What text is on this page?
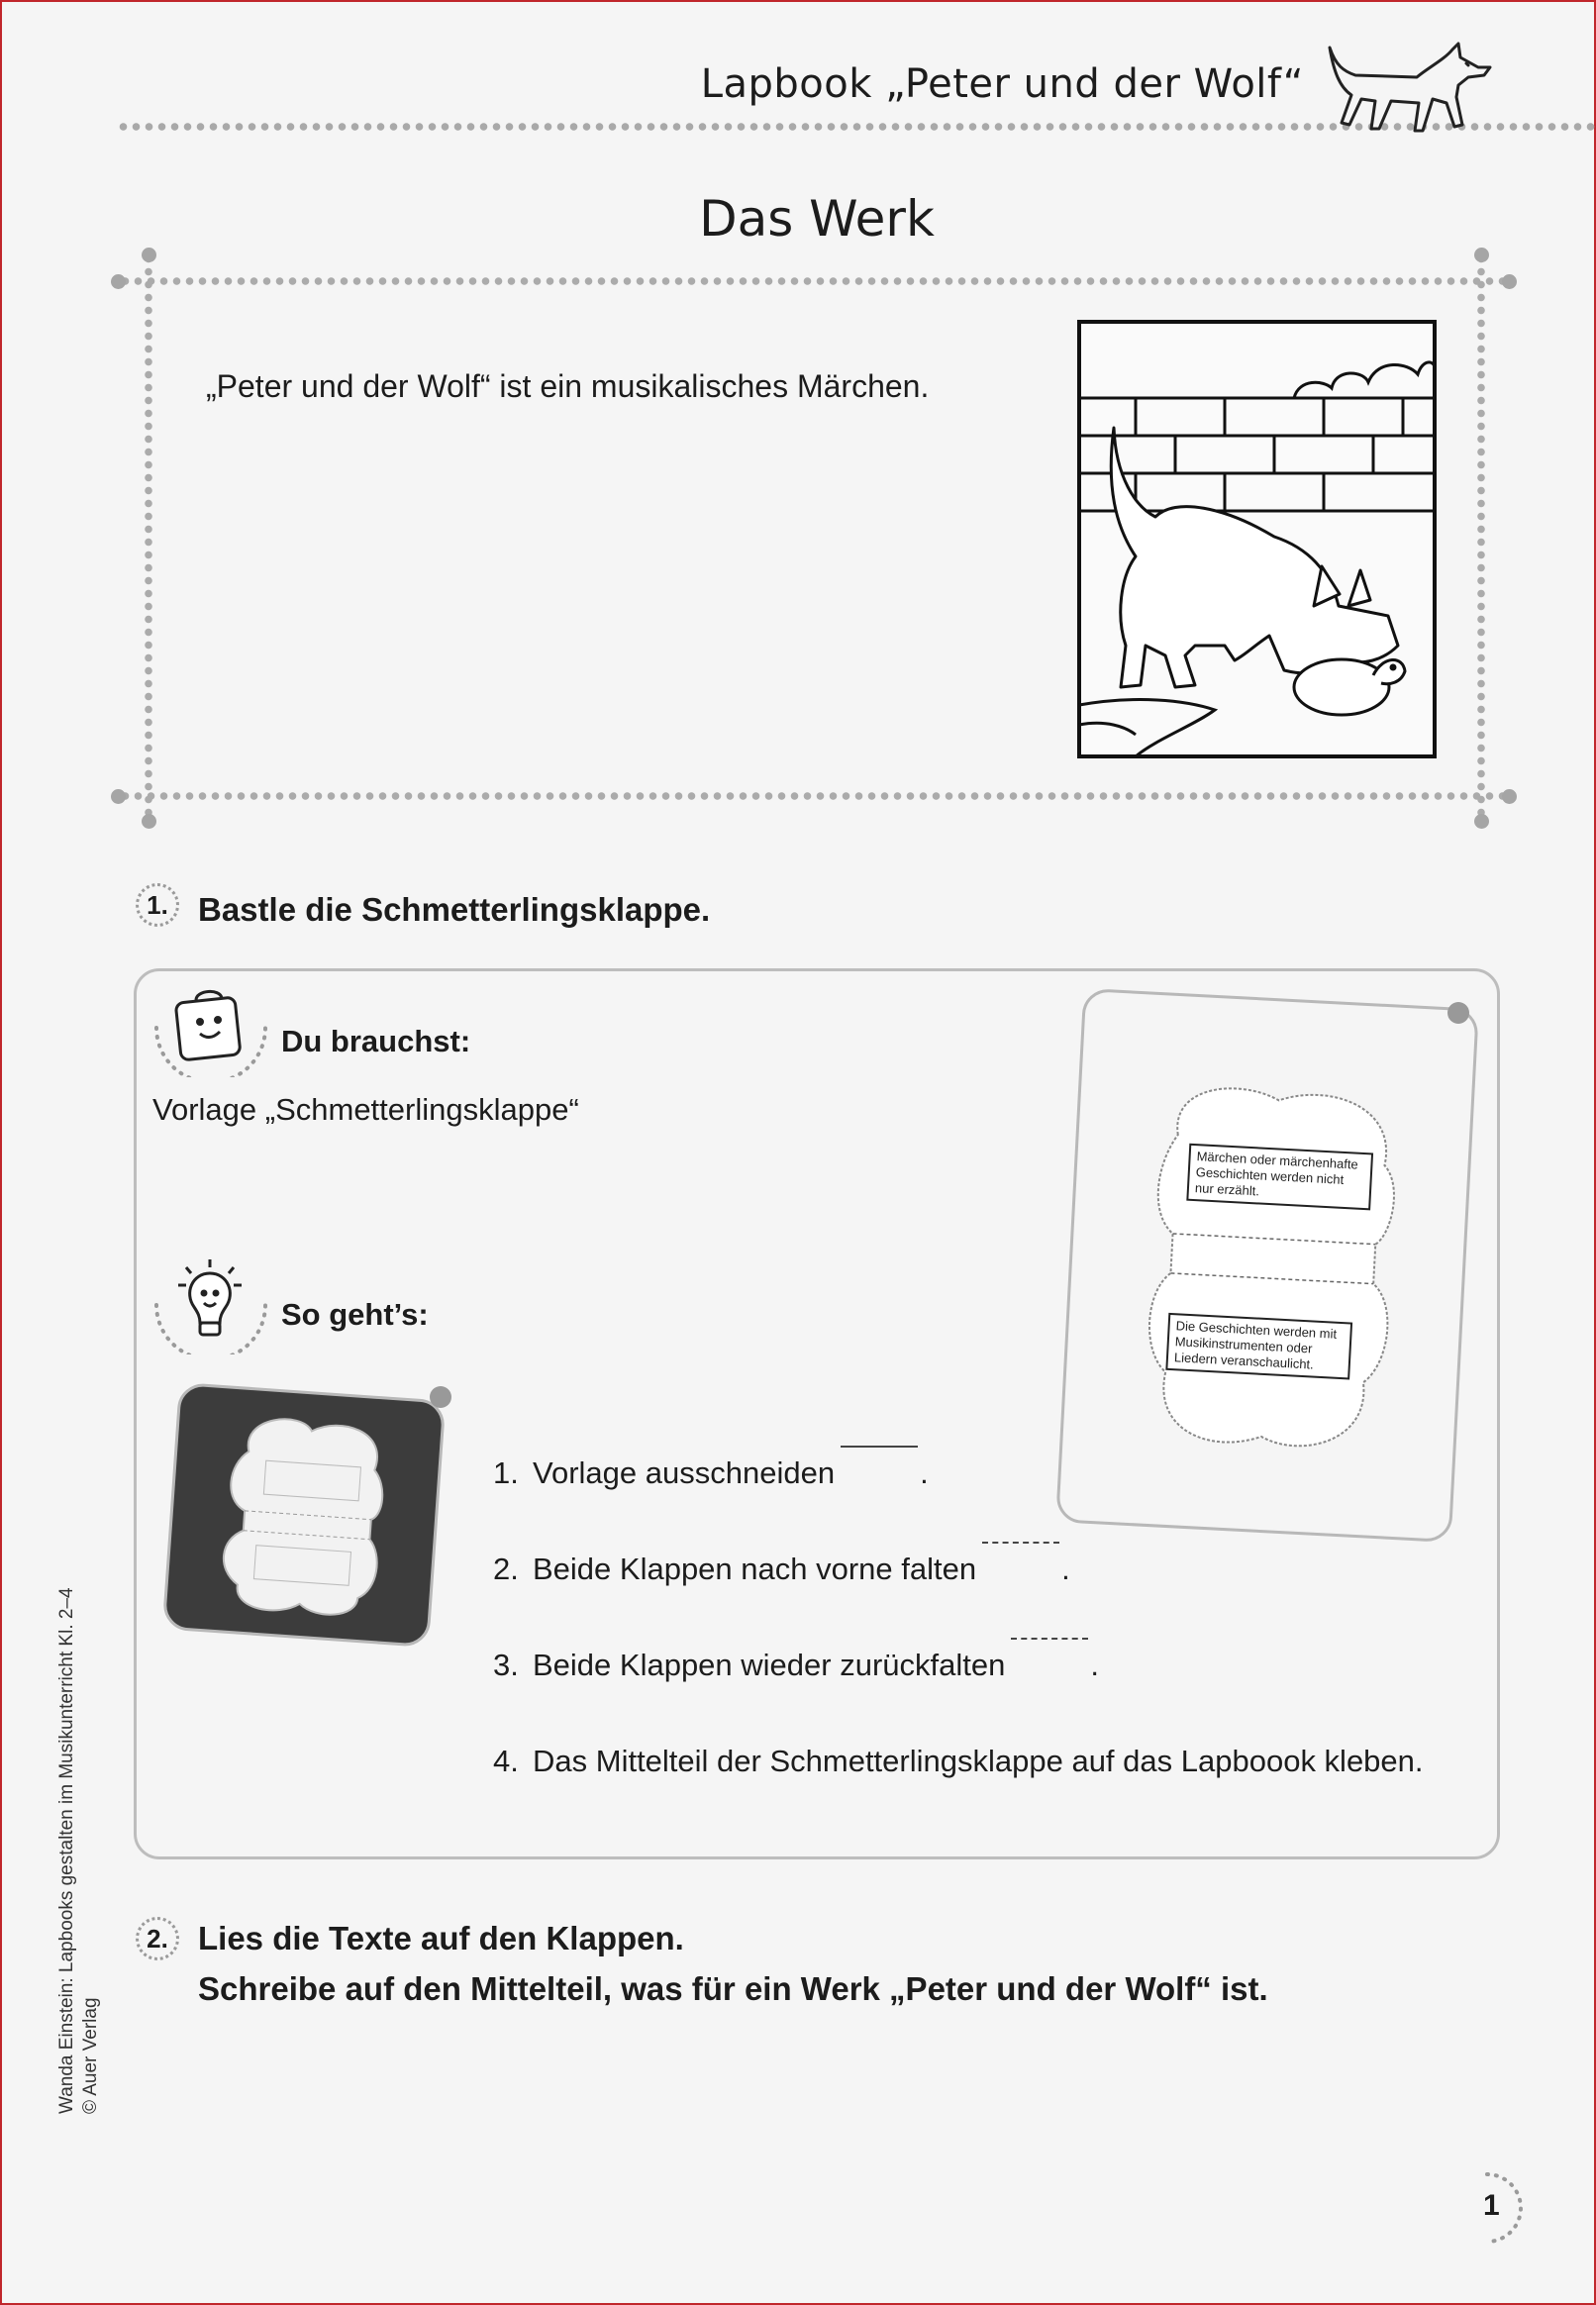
Lapbook „Peter und der Wolf“
Das Werk
„Peter und der Wolf“ ist ein musikalisches Märchen.
1. Bastle die Schmetterlingsklappe.
Du brauchst:
Vorlage „Schmetterlingsklappe“
So geht’s:
Märchen oder märchenhafte Geschichten werden nicht nur erzählt.
Die Geschichten werden mit Musikinstrumenten oder Liedern veranschaulicht.
1. Vorlage ausschneiden	.
2. Beide Klappen nach vorne falten	.
3. Beide Klappen wieder zurückfalten	.
4. Das Mittelteil der Schmetterlingsklappe auf das Lapboook kleben.
2. Lies die Texte auf den Klappen.
Schreibe auf den Mittelteil, was für ein Werk „Peter und der Wolf“ ist.
Wanda Einstein: Lapbooks gestalten im Musikunterricht Kl. 2–4 © Auer Verlag
1
